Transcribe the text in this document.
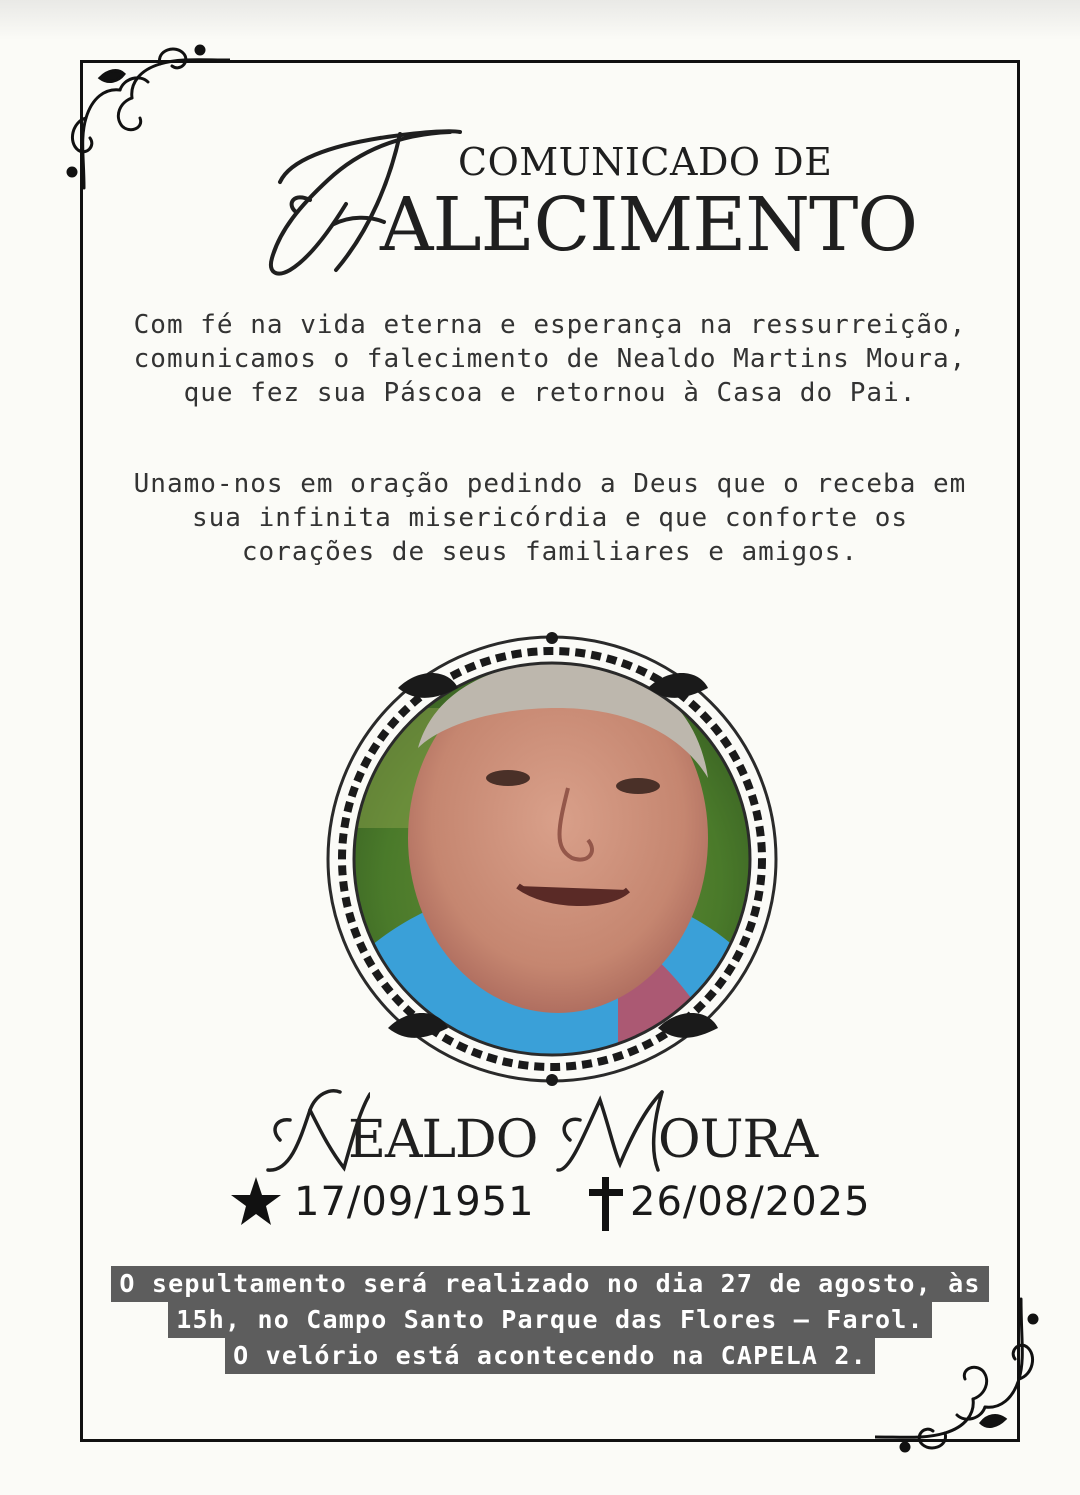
COMUNICADO DE
ALECIMENTO

Com fé na vida eterna e esperança na ressurreição, comunicamos o falecimento de Nealdo Martins Moura, que fez sua Páscoa e retornou à Casa do Pai.

Unamo-nos em oração pedindo a Deus que o receba em sua infinita misericórdia e que conforte os corações de seus familiares e amigos.

EALDO OURA
17/09/1951 26/08/2025
O sepultamento será realizado no dia 27 de agosto, às
15h, no Campo Santo Parque das Flores – Farol.
O velório está acontecendo na CAPELA 2.
